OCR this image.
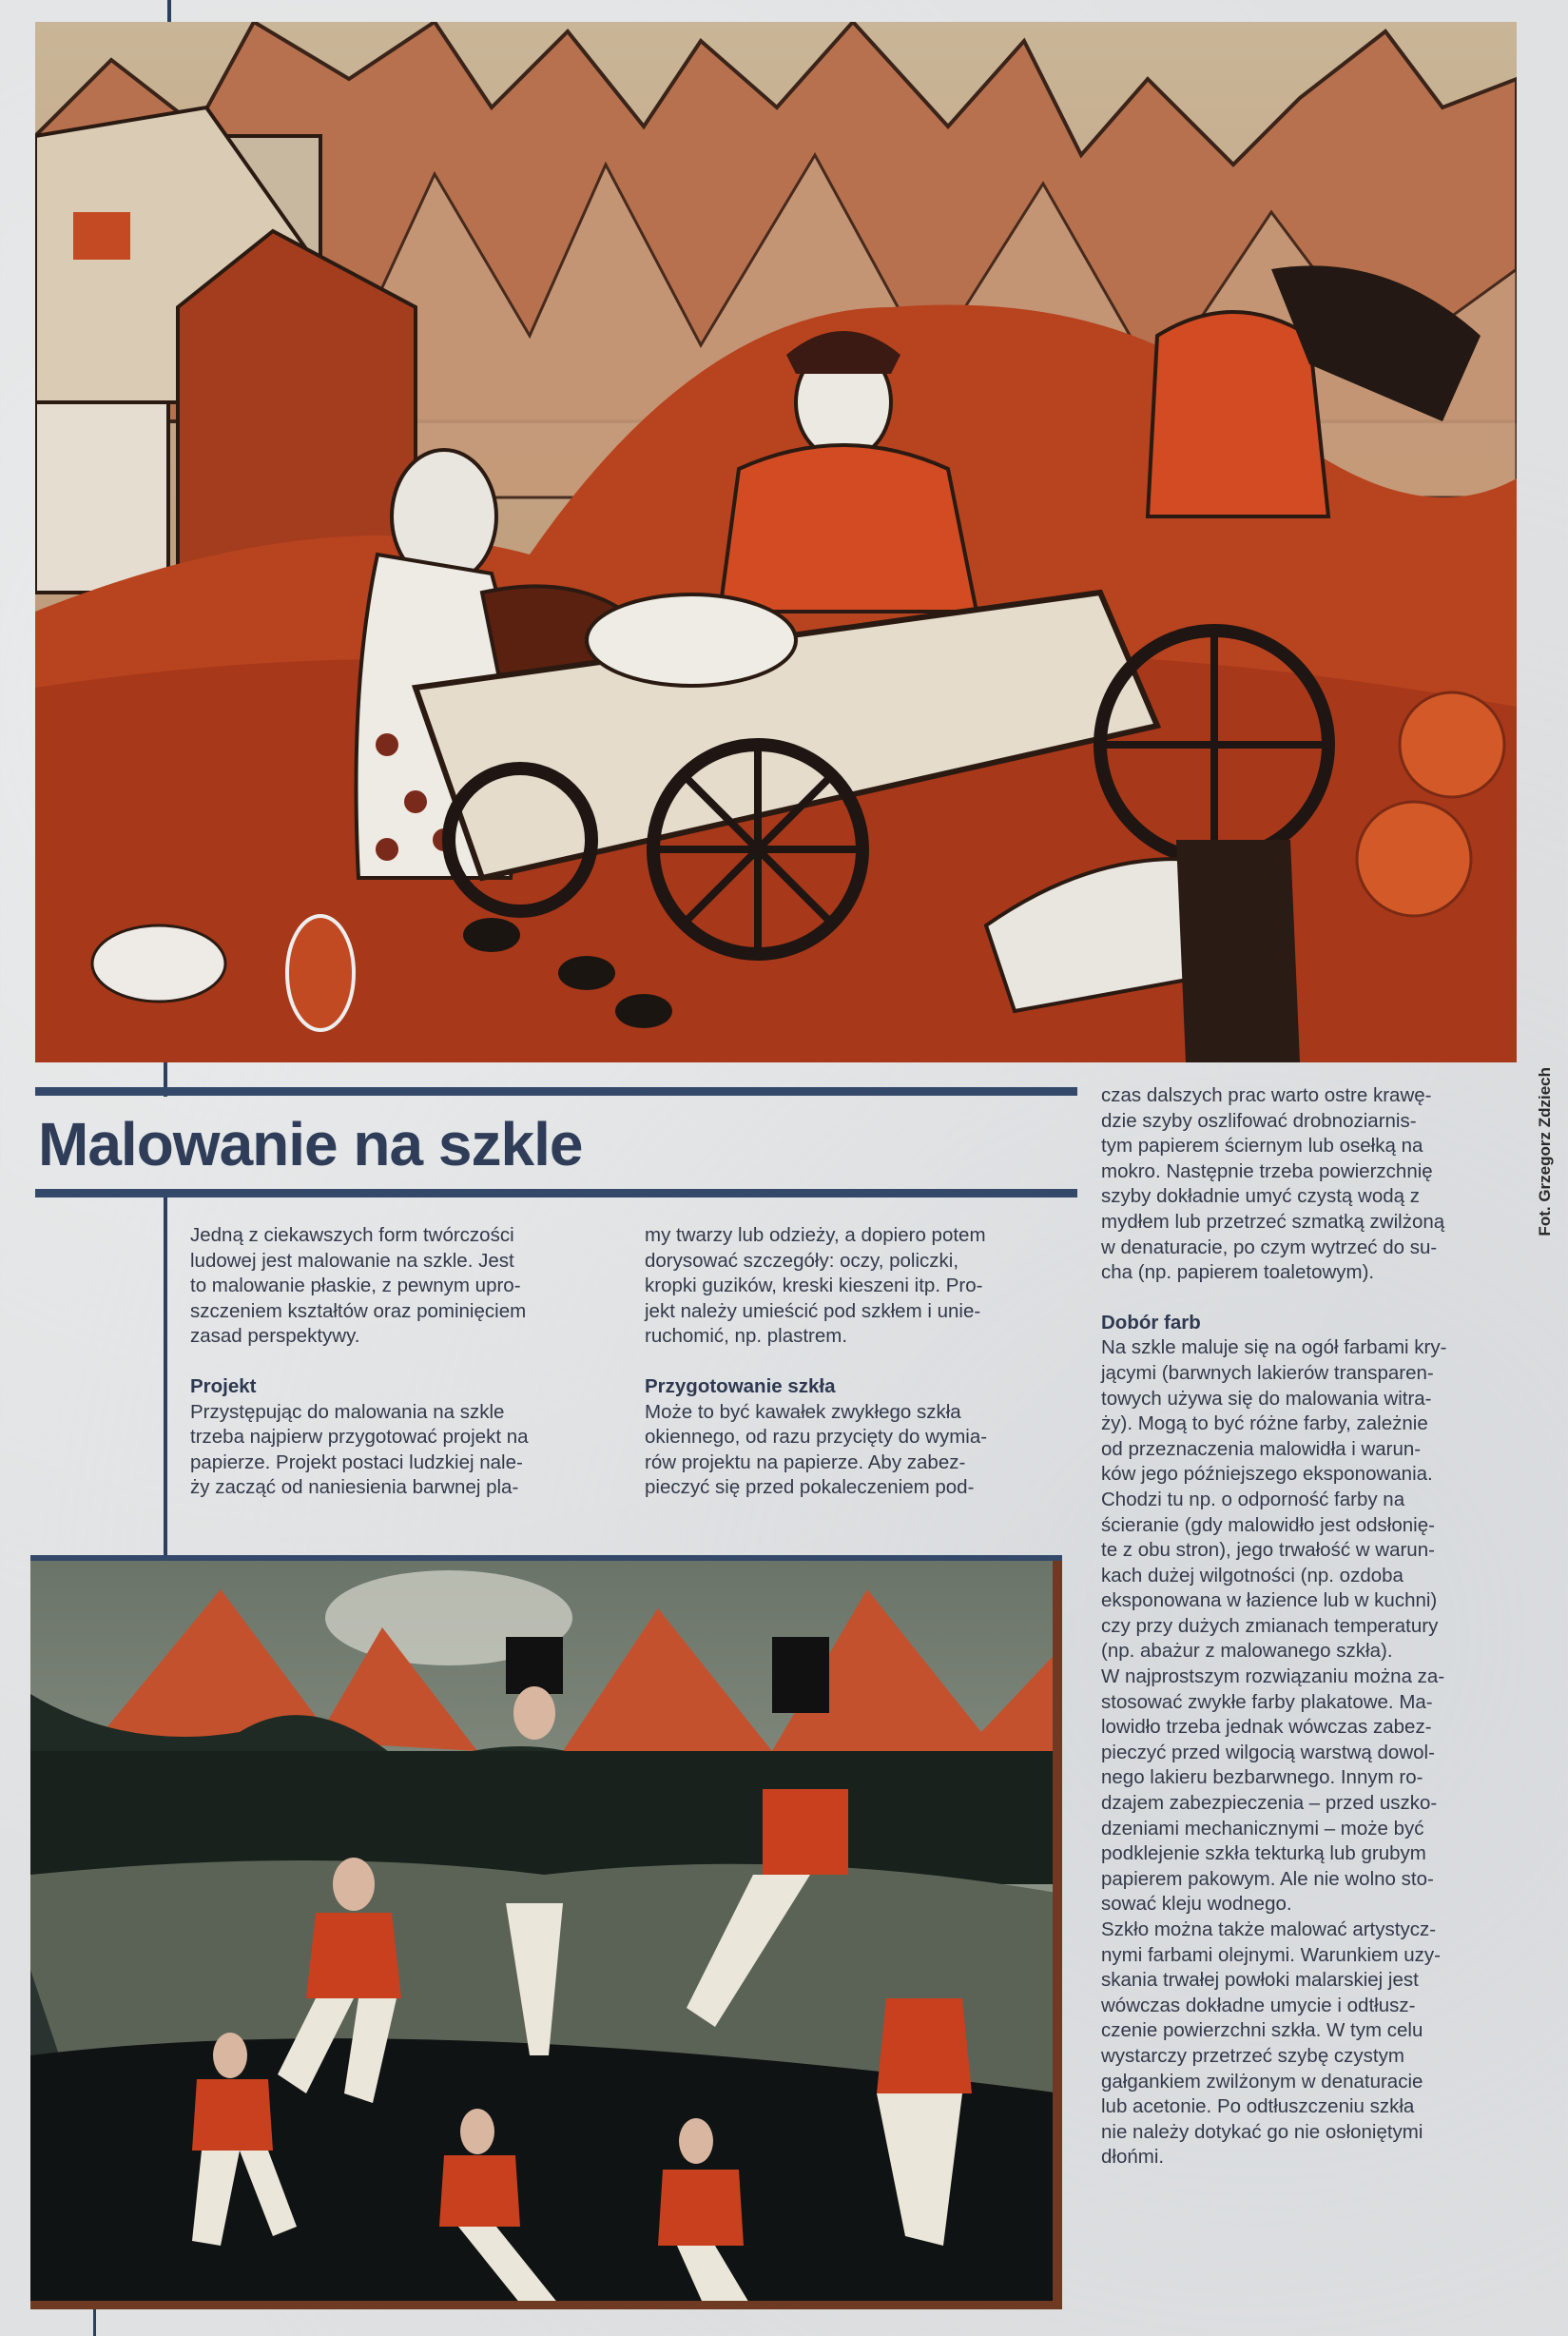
Fot. Grzegorz Zdziech
Malowanie na szkle

Jedną z ciekawszych form twórczości
ludowej jest malowanie na szkle. Jest
to malowanie płaskie, z pewnym upro-
szczeniem kształtów oraz pominięciem
zasad perspektywy.

Projekt

Przystępując do malowania na szkle
trzeba najpierw przygotować projekt na
papierze. Projekt postaci ludzkiej nale-
ży zacząć od naniesienia barwnej pla-

my twarzy lub odzieży, a dopiero potem
dorysować szczegóły: oczy, policzki,
kropki guzików, kreski kieszeni itp. Pro-
jekt należy umieścić pod szkłem i unie-
ruchomić, np. plastrem.

Przygotowanie szkła

Może to być kawałek zwykłego szkła
okiennego, od razu przycięty do wymia-
rów projektu na papierze. Aby zabez-
pieczyć się przed pokaleczeniem pod-

czas dalszych prac warto ostre krawę-
dzie szyby oszlifować drobnoziarnis-
tym papierem ściernym lub osełką na
mokro. Następnie trzeba powierzchnię
szyby dokładnie umyć czystą wodą z
mydłem lub przetrzeć szmatką zwilżoną
w denaturacie, po czym wytrzeć do su-
cha (np. papierem toaletowym).

Dobór farb

Na szkle maluje się na ogół farbami kry-
jącymi (barwnych lakierów transparen-
towych używa się do malowania witra-
ży). Mogą to być różne farby, zależnie
od przeznaczenia malowidła i warun-
ków jego późniejszego eksponowania.
Chodzi tu np. o odporność farby na
ścieranie (gdy malowidło jest odsłonię-
te z obu stron), jego trwałość w warun-
kach dużej wilgotności (np. ozdoba
eksponowana w łazience lub w kuchni)
czy przy dużych zmianach temperatury
(np. abażur z malowanego szkła).
W najprostszym rozwiązaniu można za-
stosować zwykłe farby plakatowe. Ma-
lowidło trzeba jednak wówczas zabez-
pieczyć przed wilgocią warstwą dowol-
nego lakieru bezbarwnego. Innym ro-
dzajem zabezpieczenia – przed uszko-
dzeniami mechanicznymi – może być
podklejenie szkła tekturką lub grubym
papierem pakowym. Ale nie wolno sto-
sować kleju wodnego.
Szkło można także malować artystycz-
nymi farbami olejnymi. Warunkiem uzy-
skania trwałej powłoki malarskiej jest
wówczas dokładne umycie i odtłusz-
czenie powierzchni szkła. W tym celu
wystarczy przetrzeć szybę czystym
gałgankiem zwilżonym w denaturacie
lub acetonie. Po odtłuszczeniu szkła
nie należy dotykać go nie osłoniętymi
dłońmi.
